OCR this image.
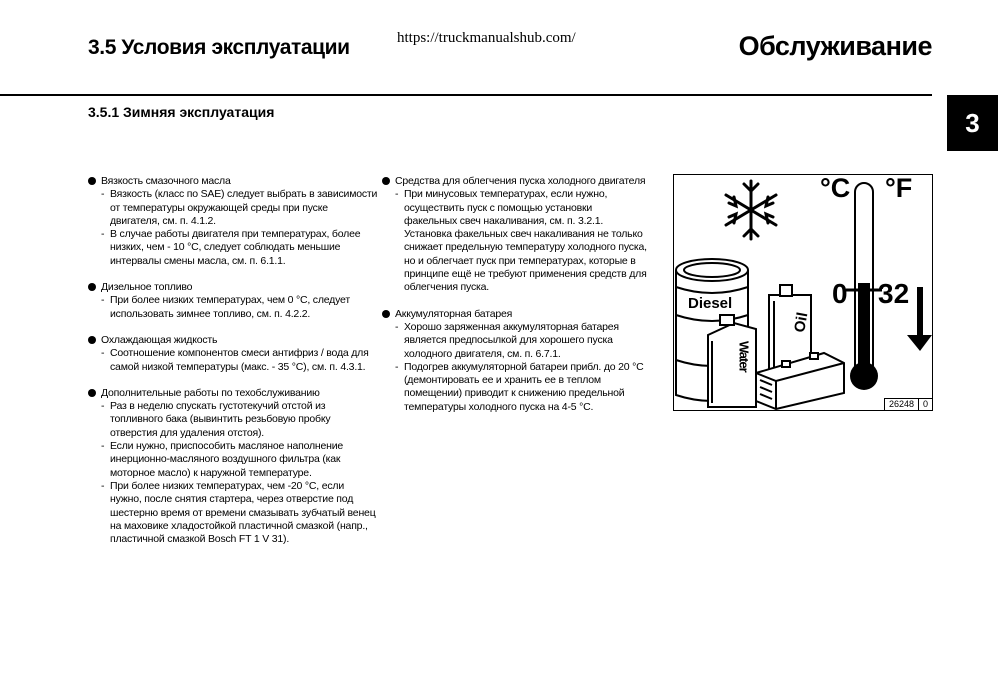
3.5 Условия эксплуатации	https://truckmanualshub.com/	Обслуживание
3
3.5.1 Зимняя эксплуатация
Вязкость смазочного масла
- Вязкость (класс по SAE) следует выбрать в зависимости от температуры окружающей среды при пуске двигателя, см. п. 4.1.2.
- В случае работы двигателя при температурах, более низких, чем - 10 °C, следует соблюдать меньшие интервалы смены масла, см. п. 6.1.1.
Дизельное топливо
- При более низких температурах, чем 0 °C, следует использовать зимнее топливо, см. п. 4.2.2.
Охлаждающая жидкость
- Соотношение компонентов смеси антифриз / вода для самой низкой температуры (макс. - 35 °C), см. п. 4.3.1.
Дополнительные работы по техобслуживанию
- Раз в неделю спускать густотекучий отстой из топливного бака (вывинтить резьбовую пробку отверстия для удаления отстоя).
- Если нужно, приспособить масляное наполнение инерционно-масляного воздушного фильтра (как моторное масло) к наружной температуре.
- При более низких температурах, чем -20 °C, если нужно, после снятия стартера, через отверстие под шестерню время от времени смазывать зубчатый венец на маховике хладостойкой пластичной смазкой (напр., пластичной смазкой Bosch FT 1 V 31).
Средства для облегчения пуска холодного двигателя
- При минусовых температурах, если нужно, осуществить пуск с помощью установки факельных свеч накаливания, см. п. 3.2.1. Установка факельных свеч накаливания не только снижает предельную температуру холодного пуска, но и облегчает пуск при температурах, которые в принципе ещё не требуют применения средств для облегчения пуска.
Аккумуляторная батарея
- Хорошо заряженная аккумуляторная батарея является предпосылкой для хорошего пуска холодного двигателя, см. п. 6.7.1.
- Подогрев аккумуляторной батареи прибл. до 20 °C (демонтировать ее и хранить ее в теплом помещении) приводит к снижению предельной температуры холодного пуска на 4-5 °C.
°C °F
0 32
Diesel
Oil
Water
26248	0
